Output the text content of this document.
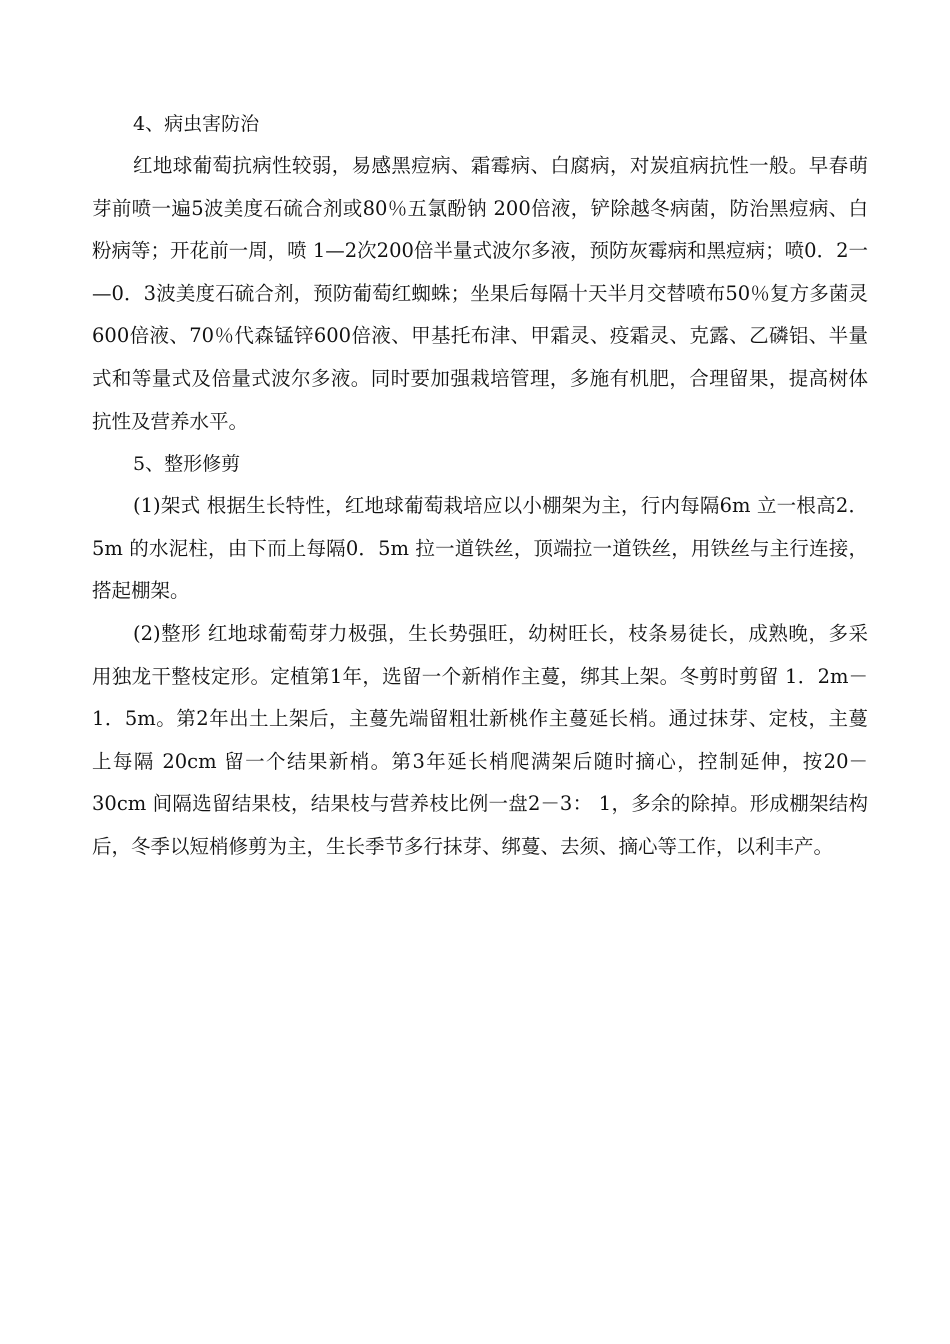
4、病虫害防治

红地球葡萄抗病性较弱，易感黑痘病、霜霉病、白腐病，对炭疽病抗性一般。早春萌芽前喷一遍5波美度石硫合剂或80％五氯酚钠 200倍液，铲除越冬病菌，防治黑痘病、白粉病等；开花前一周，喷 1—2次200倍半量式波尔多液，预防灰霉病和黑痘病；喷0．2一—0．3波美度石硫合剂，预防葡萄红蜘蛛；坐果后每隔十天半月交替喷布50％复方多菌灵600倍液、70％代森锰锌600倍液、甲基托布津、甲霜灵、疫霜灵、克露、乙磷铝、半量式和等量式及倍量式波尔多液。同时要加强栽培管理，多施有机肥，合理留果，提高树体抗性及营养水平。

5、整形修剪

(1)架式 根据生长特性，红地球葡萄栽培应以小棚架为主，行内每隔6m 立一根高2．5m 的水泥柱，由下而上每隔0．5m 拉一道铁丝，顶端拉一道铁丝，用铁丝与主行连接，搭起棚架。

(2)整形 红地球葡萄芽力极强，生长势强旺，幼树旺长，枝条易徒长，成熟晚，多采用独龙干整枝定形。定植第1年，选留一个新梢作主蔓，绑其上架。冬剪时剪留 1．2m－1．5m。第2年出土上架后，主蔓先端留粗壮新桃作主蔓延长梢。通过抹芽、定枝，主蔓上每隔 20cm 留一个结果新梢。第3年延长梢爬满架后随时摘心，控制延伸，按20－30cm 间隔选留结果枝，结果枝与营养枝比例一盘2－3： 1，多余的除掉。形成棚架结构后，冬季以短梢修剪为主，生长季节多行抹芽、绑蔓、去须、摘心等工作，以利丰产。
